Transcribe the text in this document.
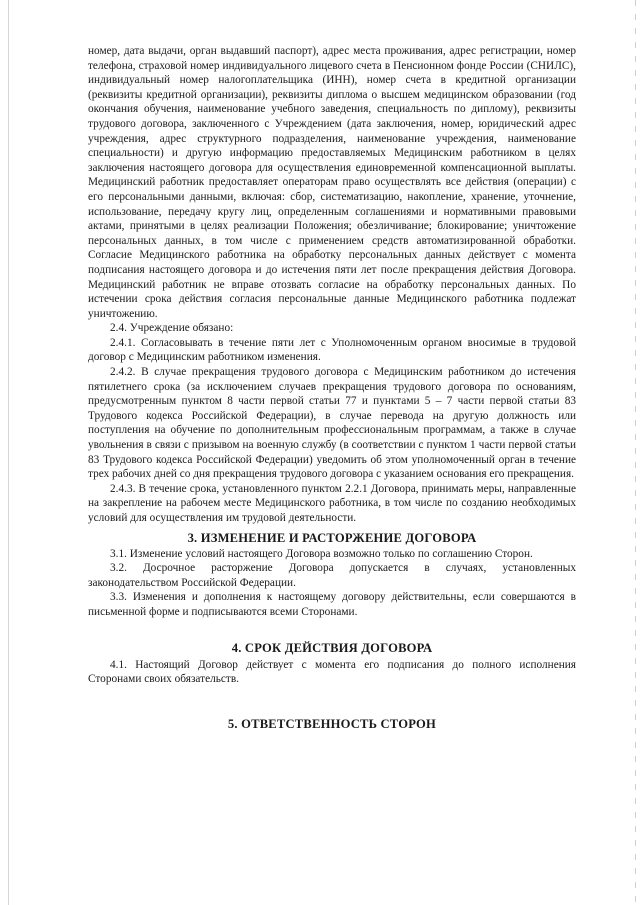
номер, дата выдачи, орган выдавший паспорт), адрес места проживания, адрес регистрации, номер телефона, страховой номер индивидуального лицевого счета в Пенсионном фонде России (СНИЛС), индивидуальный номер налогоплательщика (ИНН), номер счета в кредитной организации (реквизиты кредитной организации), реквизиты диплома о высшем медицинском образовании (год окончания обучения, наименование учебного заведения, специальность по диплому), реквизиты трудового договора, заключенного с Учреждением (дата заключения, номер, юридический адрес учреждения, адрес структурного подразделения, наименование учреждения, наименование специальности) и другую информацию предоставляемых Медицинским работником в целях заключения настоящего договора для осуществления единовременной компенсационной выплаты. Медицинский работник предоставляет операторам право осуществлять все действия (операции) с его персональными данными, включая: сбор, систематизацию, накопление, хранение, уточнение, использование, передачу кругу лиц, определенным соглашениями и нормативными правовыми актами, принятыми в целях реализации Положения; обезличивание; блокирование; уничтожение персональных данных, в том числе с применением средств автоматизированной обработки. Согласие Медицинского работника на обработку персональных данных действует с момента подписания настоящего договора и до истечения пяти лет после прекращения действия Договора. Медицинский работник не вправе отозвать согласие на обработку персональных данных. По истечении срока действия согласия персональные данные Медицинского работника подлежат уничтожению.

2.4. Учреждение обязано:

2.4.1. Согласовывать в течение пяти лет с Уполномоченным органом вносимые в трудовой договор с Медицинским работником изменения.

2.4.2. В случае прекращения трудового договора с Медицинским работником до истечения пятилетнего срока (за исключением случаев прекращения трудового договора по основаниям, предусмотренным пунктом 8 части первой статьи 77 и пунктами 5 – 7 части первой статьи 83 Трудового кодекса Российской Федерации), в случае перевода на другую должность или поступления на обучение по дополнительным профессиональным программам, а также в случае увольнения в связи с призывом на военную службу (в соответствии с пунктом 1 части первой статьи 83 Трудового кодекса Российской Федерации) уведомить об этом уполномоченный орган в течение трех рабочих дней со дня прекращения трудового договора с указанием основания его прекращения.

2.4.3. В течение срока, установленного пунктом 2.2.1 Договора, принимать меры, направленные на закрепление на рабочем месте Медицинского работника, в том числе по созданию необходимых условий для осуществления им трудовой деятельности.

3. ИЗМЕНЕНИЕ И РАСТОРЖЕНИЕ ДОГОВОРА

3.1. Изменение условий настоящего Договора возможно только по соглашению Сторон.

3.2. Досрочное расторжение Договора допускается в случаях, установленных законодательством Российской Федерации.

3.3. Изменения и дополнения к настоящему договору действительны, если совершаются в письменной форме и подписываются всеми Сторонами.

4. СРОК ДЕЙСТВИЯ ДОГОВОРА

4.1. Настоящий Договор действует с момента его подписания до полного исполнения Сторонами своих обязательств.

5. ОТВЕТСТВЕННОСТЬ СТОРОН
